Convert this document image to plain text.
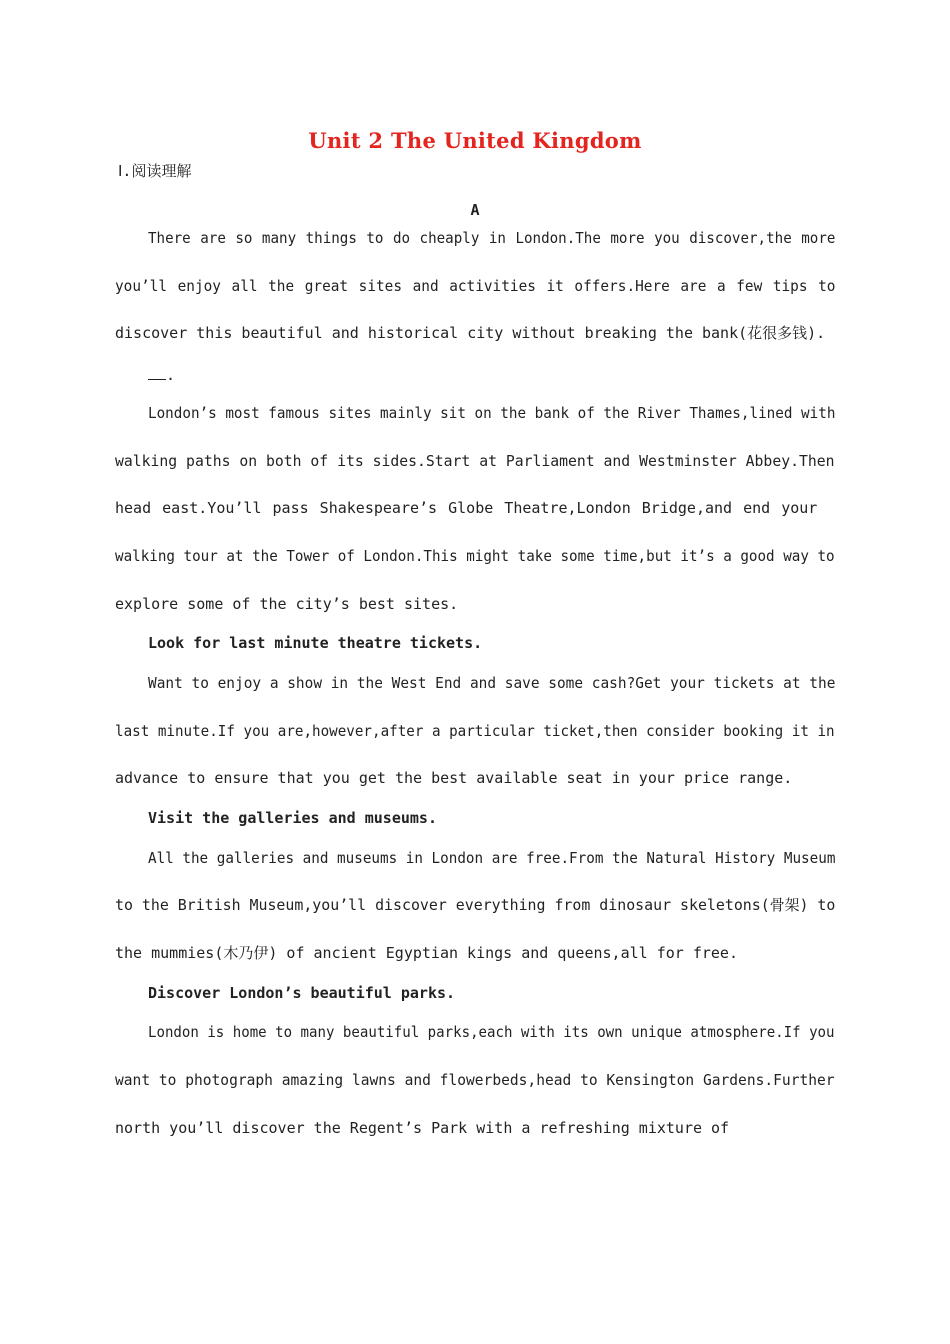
Unit 2 The United Kingdom
Ⅰ.阅读理解
A
There are so many things to do cheaply in London.The more you discover,the more
you’ll enjoy all the great sites and activities it offers.Here are a few tips to
discover this beautiful and historical city without breaking the bank(花很多钱).
.
London’s most famous sites mainly sit on the bank of the River Thames,lined with
walking paths on both of its sides.Start at Parliament and Westminster Abbey.Then
head east.You’ll pass Shakespeare’s Globe Theatre,London Bridge,and end your
walking tour at the Tower of London.This might take some time,but it’s a good way to
explore some of the city’s best sites.
Look for last minute theatre tickets.
Want to enjoy a show in the West End and save some cash?Get your tickets at the
last minute.If you are,however,after a particular ticket,then consider booking it in
advance to ensure that you get the best available seat in your price range.
Visit the galleries and museums.
All the galleries and museums in London are free.From the Natural History Museum
to the British Museum,you’ll discover everything from dinosaur skeletons(骨架) to
the mummies(木乃伊) of ancient Egyptian kings and queens,all for free.
Discover London’s beautiful parks.
London is home to many beautiful parks,each with its own unique atmosphere.If you
want to photograph amazing lawns and flowerbeds,head to Kensington Gardens.Further
north you’ll discover the Regent’s Park with a refreshing mixture of
